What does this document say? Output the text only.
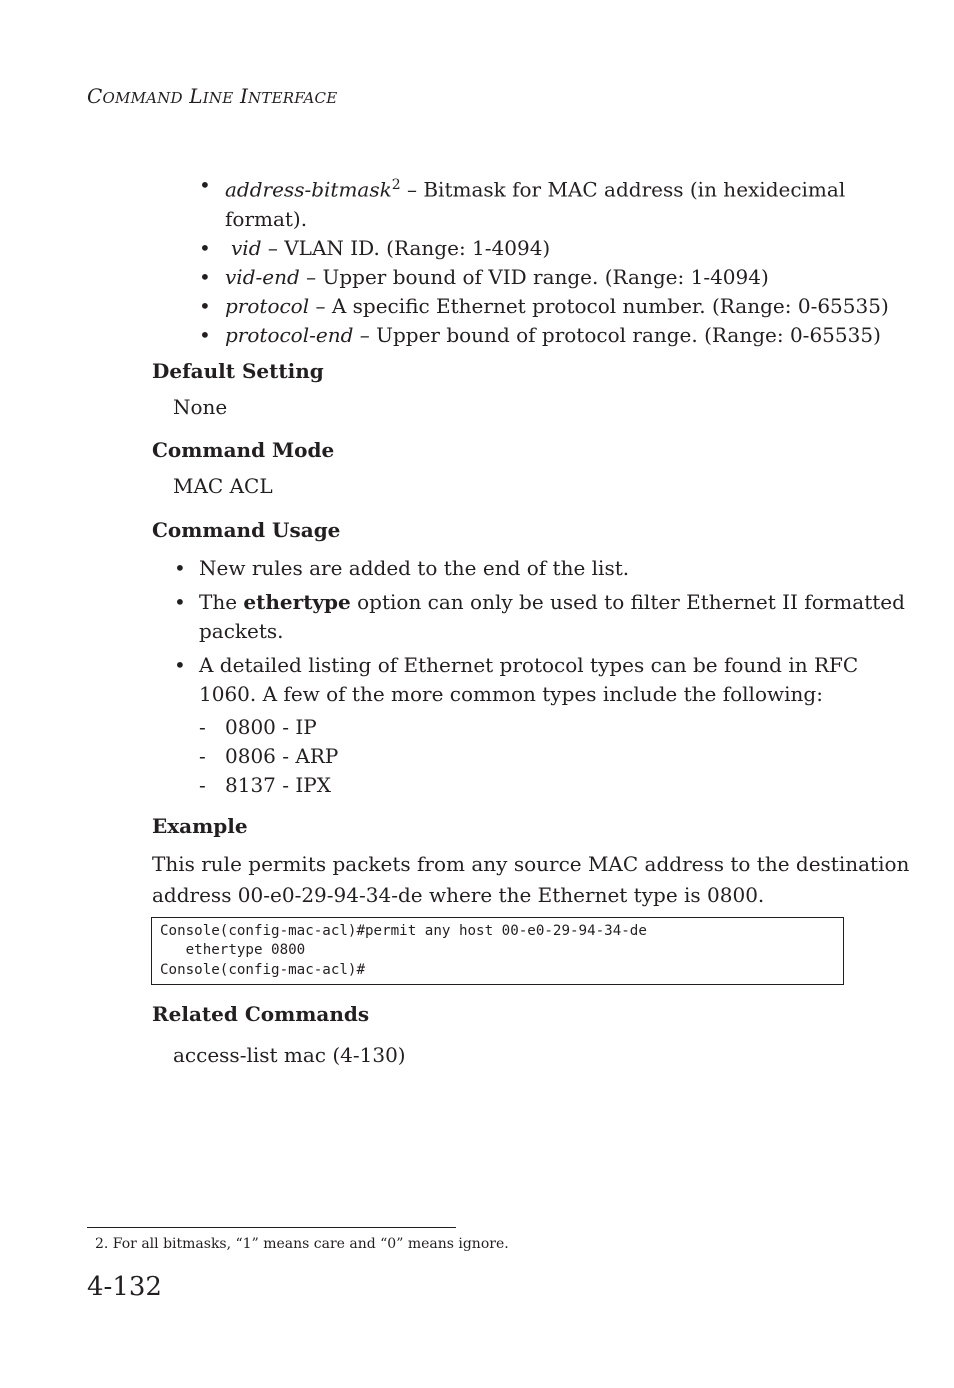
COMMAND LINE INTERFACE
• address-bitmask$^2$ – Bitmask for MAC address (in hexidecimal
format).
• vid – VLAN ID. (Range: 1-4094)
• vid-end – Upper bound of VID range. (Range: 1-4094)
• protocol – A specific Ethernet protocol number. (Range: 0-65535)
• protocol-end – Upper bound of protocol range. (Range: 0-65535)
Default Setting
None
Command Mode
MAC ACL
Command Usage
• New rules are added to the end of the list.
• The ethertype option can only be used to filter Ethernet II formatted
packets.
• A detailed listing of Ethernet protocol types can be found in RFC
1060. A few of the more common types include the following:
- 0800 - IP
- 0806 - ARP
- 8137 - IPX
Example
This rule permits packets from any source MAC address to the destination
address 00-e0-29-94-34-de where the Ethernet type is 0800.
Console(config-mac-acl)#permit any host 00-e0-29-94-34-de
ethertype 0800
Console(config-mac-acl)#
Related Commands
access-list mac (4-130)
2. For all bitmasks, “1” means care and “0” means ignore.
4-132
